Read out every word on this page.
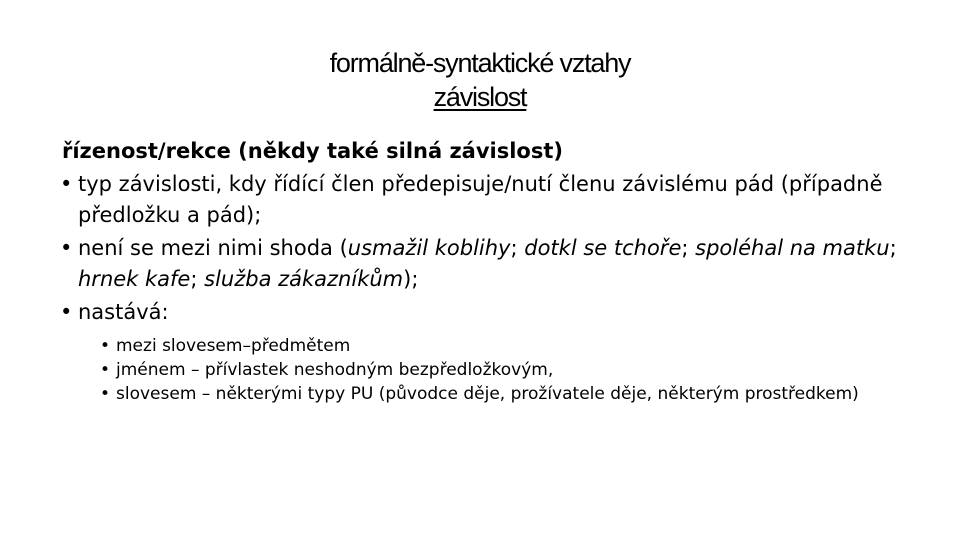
formálně-syntaktické vztahy
závislost
řízenost/rekce (někdy také silná závislost)
• typ závislosti, kdy řídící člen předepisuje/nutí členu závislému pád (případně předložku a pád);
• není se mezi nimi shoda (usmažil koblihy; dotkl se tchoře; spoléhal na matku; hrnek kafe; služba zákazníkům);
• nastává:
• mezi slovesem–předmětem
• jménem – přívlastek neshodným bezpředložkovým,
• slovesem – některými typy PU (původce děje, prožívatele děje, některým prostředkem)
